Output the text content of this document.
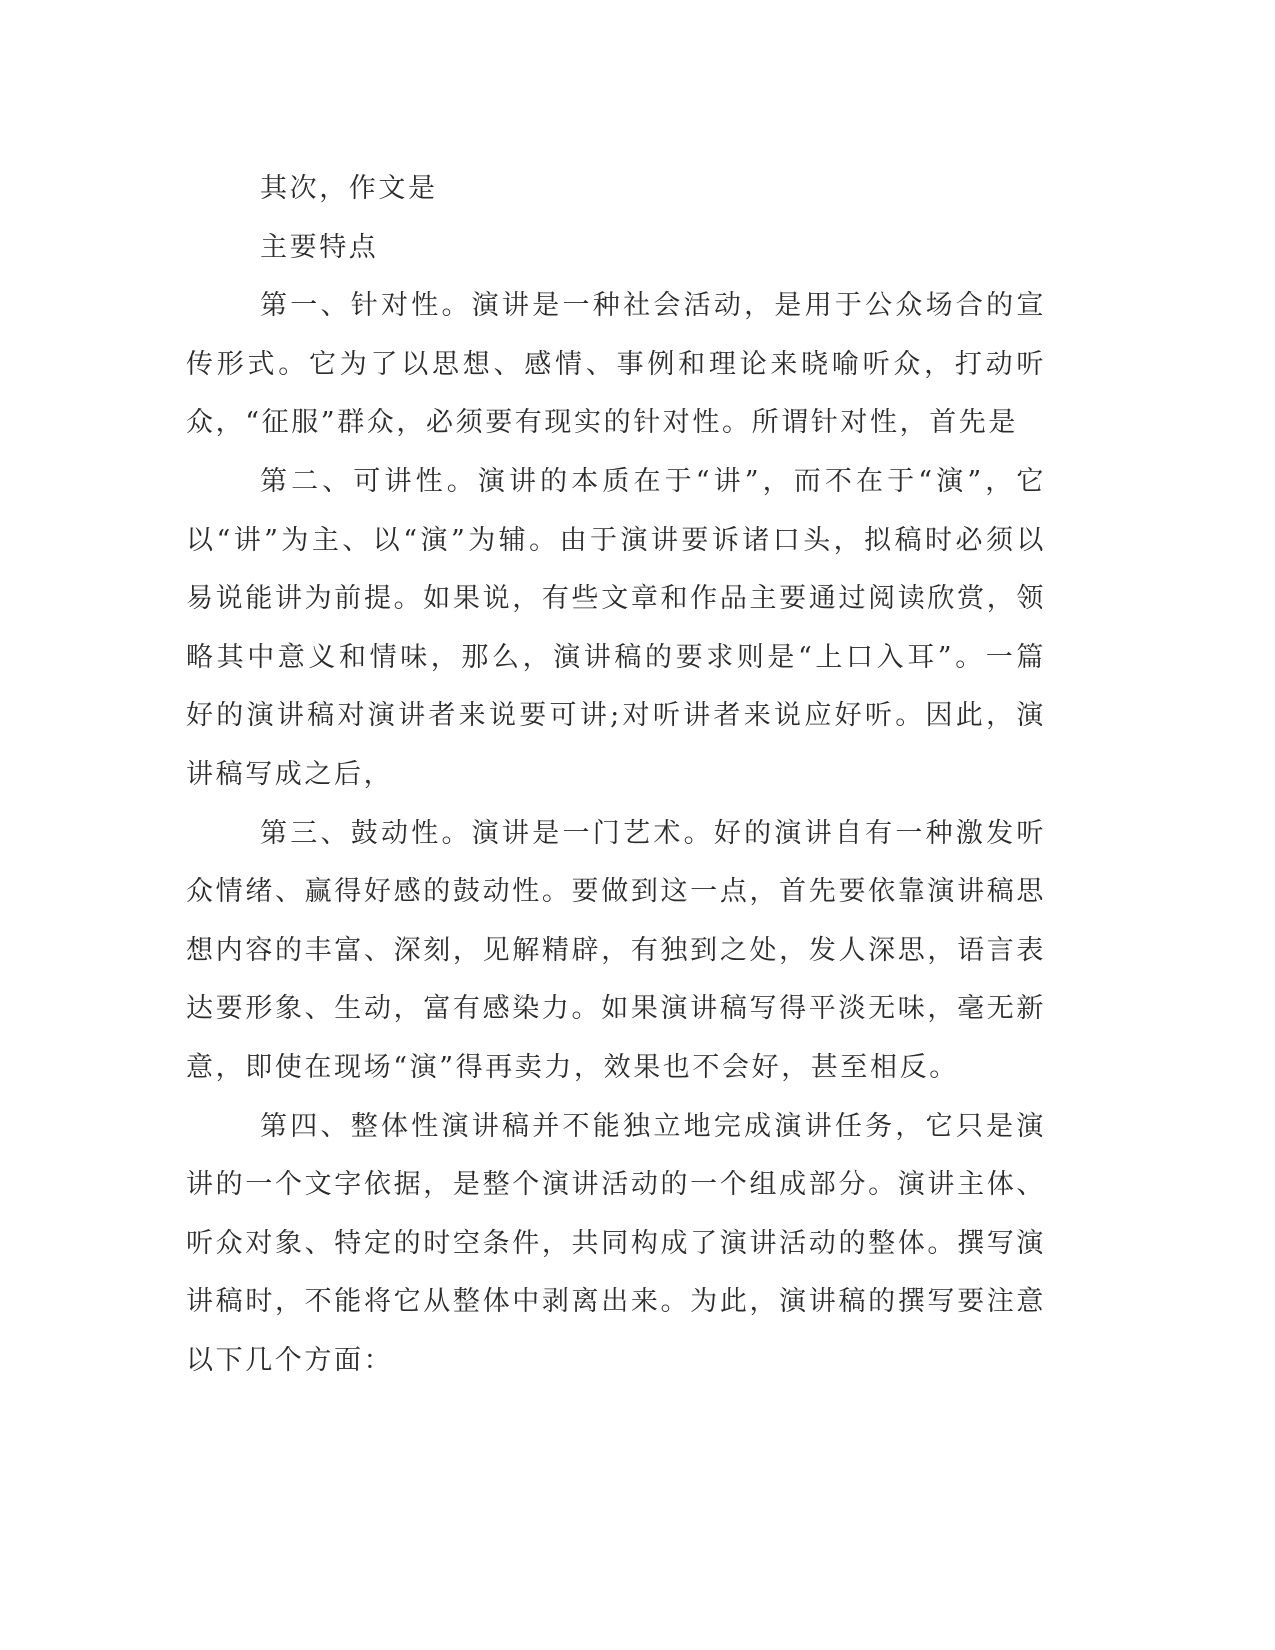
其次，作文是

主要特点

第一、针对性。演讲是一种社会活动，是用于公众场合的宣传形式。它为了以思想、感情、事例和理论来晓喻听众，打动听众，“征服”群众，必须要有现实的针对性。所谓针对性，首先是

第二、可讲性。演讲的本质在于“讲”，而不在于“演”，它以“讲”为主、以“演”为辅。由于演讲要诉诸口头，拟稿时必须以易说能讲为前提。如果说，有些文章和作品主要通过阅读欣赏，领略其中意义和情味，那么，演讲稿的要求则是“上口入耳”。一篇好的演讲稿对演讲者来说要可讲;对听讲者来说应好听。因此，演讲稿写成之后，

第三、鼓动性。演讲是一门艺术。好的演讲自有一种激发听众情绪、赢得好感的鼓动性。要做到这一点，首先要依靠演讲稿思想内容的丰富、深刻，见解精辟，有独到之处，发人深思，语言表达要形象、生动，富有感染力。如果演讲稿写得平淡无味，毫无新意，即使在现场“演”得再卖力，效果也不会好，甚至相反。

第四、整体性演讲稿并不能独立地完成演讲任务，它只是演讲的一个文字依据，是整个演讲活动的一个组成部分。演讲主体、听众对象、特定的时空条件，共同构成了演讲活动的整体。撰写演讲稿时，不能将它从整体中剥离出来。为此，演讲稿的撰写要注意以下几个方面：
